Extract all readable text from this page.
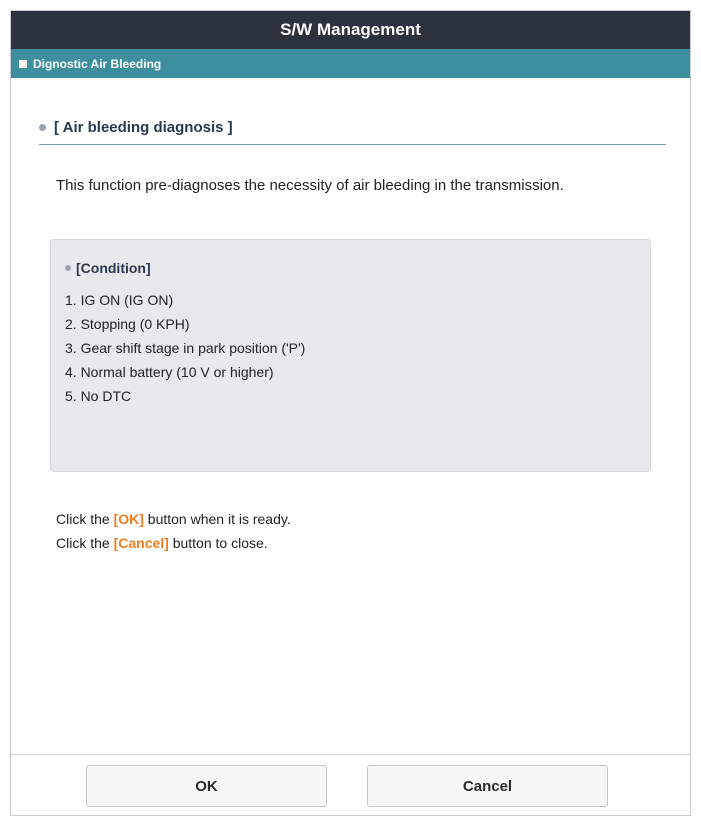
S/W Management
Dignostic Air Bleeding
[ Air bleeding diagnosis ]
This function pre-diagnoses the necessity of air bleeding in the transmission.
[Condition]
1. IG ON (IG ON)
2. Stopping (0 KPH)
3. Gear shift stage in park position ('P')
4. Normal battery (10 V or higher)
5. No DTC
Click the [OK] button when it is ready.
Click the [Cancel] button to close.
OK	Cancel
